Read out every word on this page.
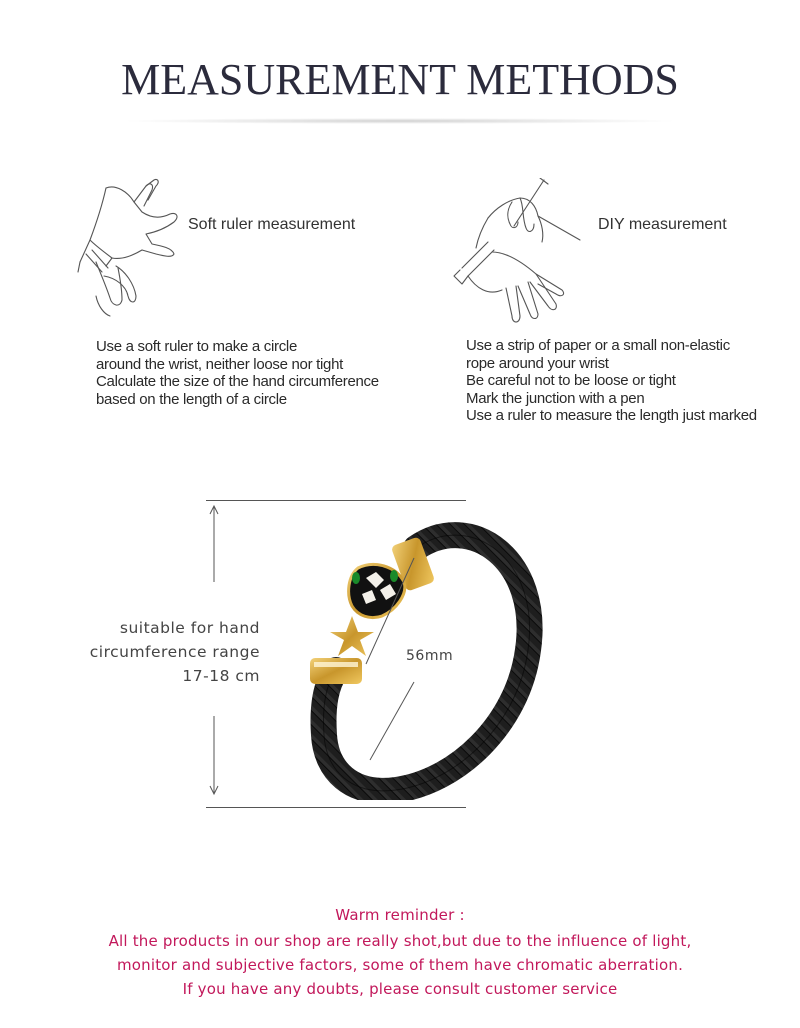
MEASUREMENT METHODS
Soft ruler measurement
Use a soft ruler to make a circle
around the wrist, neither loose nor tight
Calculate the size of the hand circumference
based on the length of a circle
DIY measurement
Use a strip of paper or a small non-elastic
rope around your wrist
Be careful not to be loose or tight
Mark the junction with a pen
Use a ruler to measure the length just marked
suitable for hand
circumference range
17-18 cm
56mm
Warm reminder :
All the products in our shop are really shot,but due to the influence of light,
monitor and subjective factors, some of them have chromatic aberration.
If you have any doubts, please consult customer service
